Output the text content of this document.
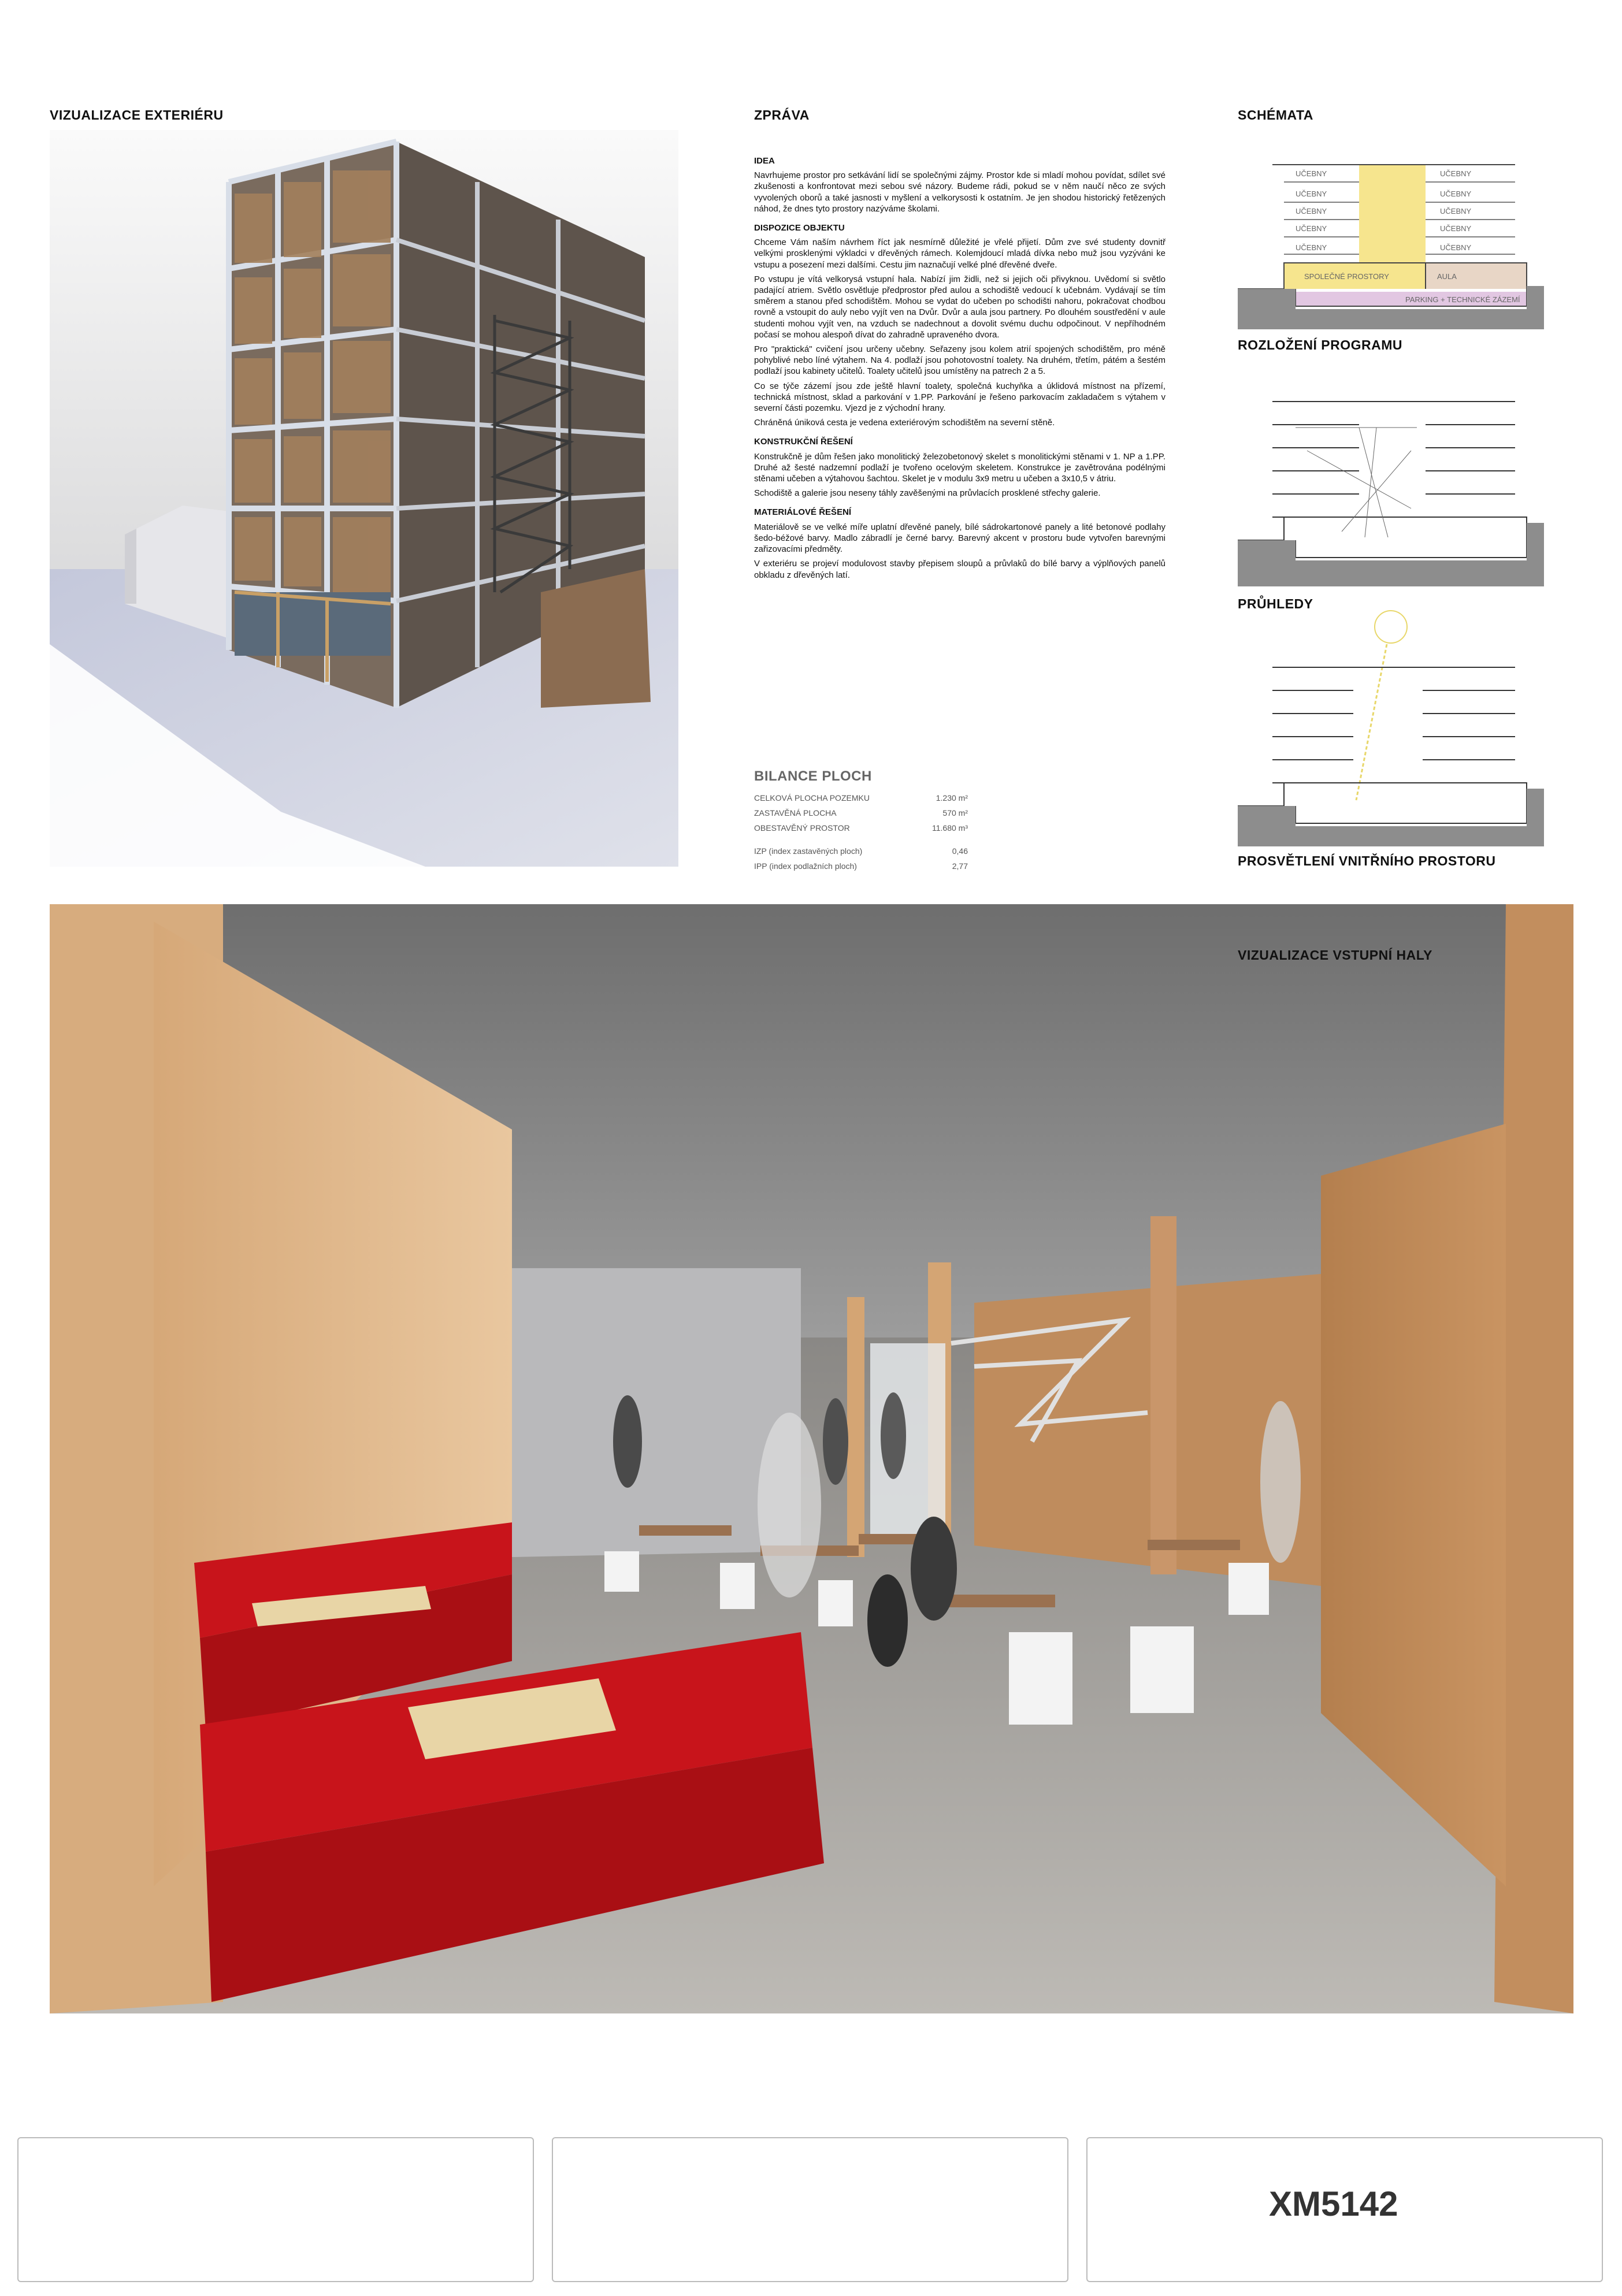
VIZUALIZACE EXTERIÉRU	ZPRÁVA	SCHÉMATA
ROZLOŽENÍ PROGRAMU
PRŮHLEDY
PROSVĚTLENÍ VNITŘNÍHO PROSTORU
IDEA

Navrhujeme prostor pro setkávání lidí se společnými zájmy. Prostor kde si mladí mohou povídat, sdílet své zkušenosti a konfrontovat mezi sebou své názory. Budeme rádi, pokud se v něm naučí něco ze svých vyvolených oborů a také jasnosti v myšlení a velkorysosti k ostatním. Je jen shodou historický řetězených náhod, že dnes tyto prostory nazýváme školami.

DISPOZICE OBJEKTU

Chceme Vám naším návrhem říct jak nesmírně důležité je vřelé přijetí. Dům zve své studenty dovnitř velkými prosklenými výkladci v dřevěných rámech. Kolemjdoucí mladá dívka nebo muž jsou vyzýváni ke vstupu a posezení mezi dalšími. Cestu jim naznačují velké plné dřevěné dveře.

Po vstupu je vítá velkorysá vstupní hala. Nabízí jim židli, než si jejich oči přivyknou. Uvědomí si světlo padající atriem. Světlo osvětluje předprostor před aulou a schodiště vedoucí k učebnám. Vydávají se tím směrem a stanou před schodištěm. Mohou se vydat do učeben po schodišti nahoru, pokračovat chodbou rovně a vstoupit do auly nebo vyjít ven na Dvůr. Dvůr a aula jsou partnery. Po dlouhém soustředění v aule studenti mohou vyjít ven, na vzduch se nadechnout a dovolit svému duchu odpočinout. V nepříhodném počasí se mohou alespoň dívat do zahradně upraveného dvora.

Pro "praktická" cvičení jsou určeny učebny. Seřazeny jsou kolem atrií spojených schodištěm, pro méně pohyblivé nebo líné výtahem. Na 4. podlaží jsou pohotovostní toalety. Na druhém, třetím, pátém a šestém podlaží jsou kabinety učitelů. Toalety učitelů jsou umístěny na patrech 2 a 5.

Co se týče zázemí jsou zde ještě hlavní toalety, společná kuchyňka a úklidová místnost na přízemí, technická místnost, sklad a parkování v 1.PP. Parkování je řešeno parkovacím zakladačem s výtahem v severní části pozemku. Vjezd je z východní hrany.

Chráněná úniková cesta je vedena exteriérovým schodištěm na severní stěně.

KONSTRUKČNÍ ŘEŠENÍ

Konstrukčně je dům řešen jako monolitický železobetonový skelet s monolitickými stěnami v 1. NP a 1.PP. Druhé až šesté nadzemní podlaží je tvořeno ocelovým skeletem. Konstrukce je zavětrována podélnými stěnami učeben a výtahovou šachtou. Skelet je v modulu 3x9 metru u učeben a 3x10,5 v átriu.

Schodiště a galerie jsou neseny táhly zavěšenými na průvlacích prosklené střechy galerie.

MATERIÁLOVÉ ŘEŠENÍ

Materiálově se ve velké míře uplatní dřevěné panely, bílé sádrokartonové panely a lité betonové podlahy šedo-béžové barvy. Madlo zábradlí je černé barvy. Barevný akcent v prostoru bude vytvořen barevnými zařizovacími předměty.

V exteriéru se projeví modulovost stavby přepisem sloupů a průvlaků do bílé barvy a výplňových panelů obkladu z dřevěných latí.

BILANCE PLOCH
CELKOVÁ PLOCHA POZEMKU	1.230 m²
ZASTAVĚNÁ PLOCHA	570 m²
OBESTAVĚNÝ PROSTOR	11.680 m³
IZP (index zastavěných ploch)	0,46
IPP (index podlažních ploch)	2,77
UČEBNY	UČEBNY
UČEBNY	UČEBNY
UČEBNY	UČEBNY
UČEBNY	UČEBNY
UČEBNY	UČEBNY
SPOLEČNÉ PROSTORY	AULA
PARKING + TECHNICKÉ ZÁZEMÍ
VIZUALIZACE VSTUPNÍ HALY
XM5142
